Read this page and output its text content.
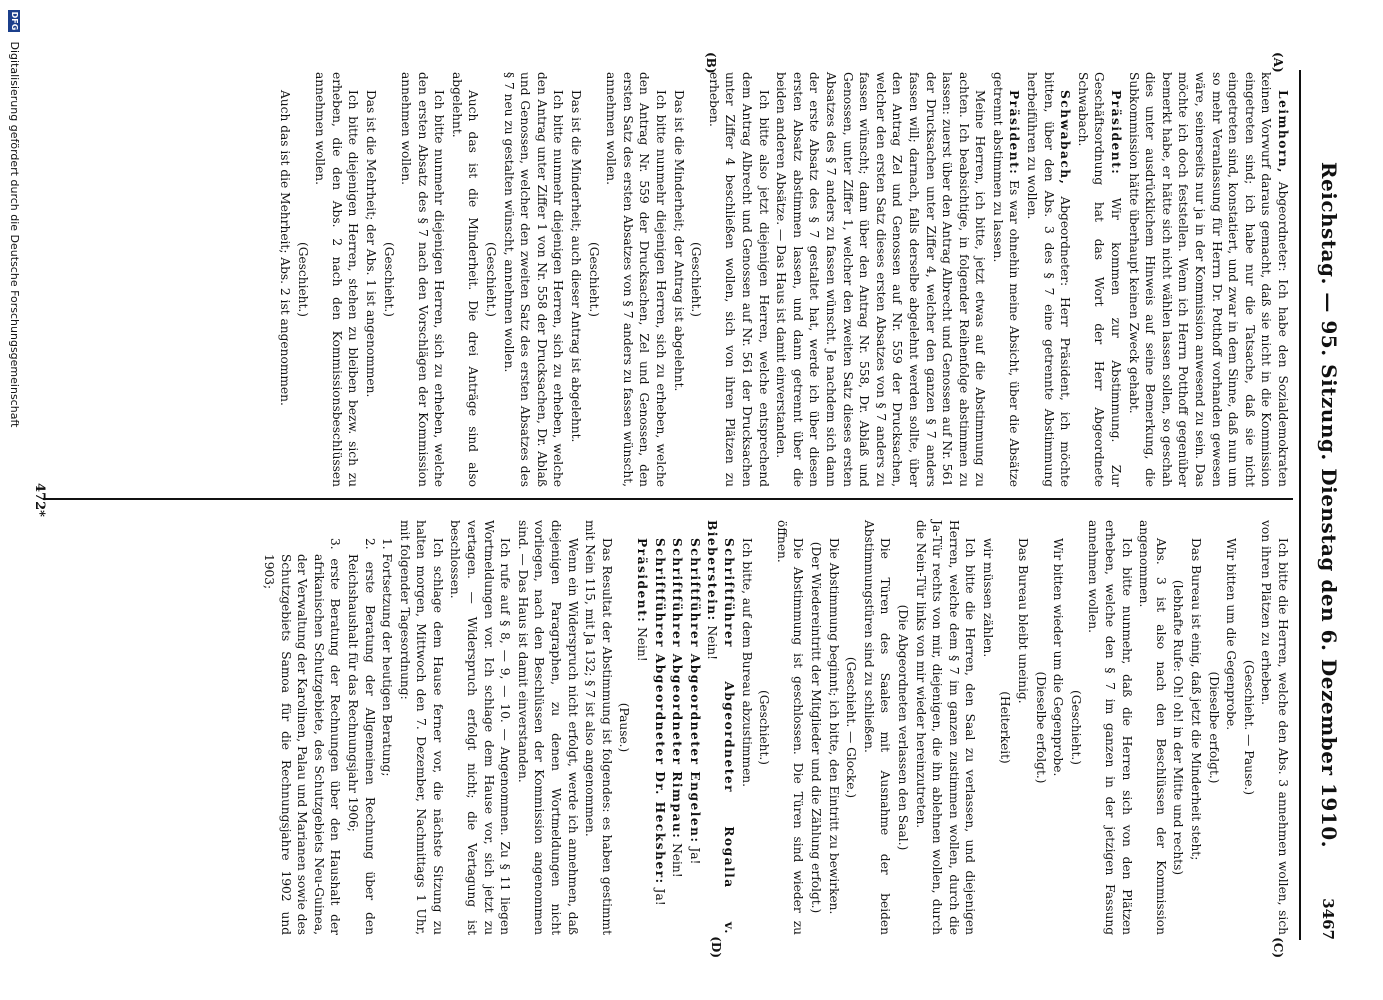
Reichstag. — 95. Sitzung. Dienstag den 6. Dezember 1910.
3467
(A)
(B)
(C)
(D)

Leimhorn, Abgeordneter: Ich habe den Sozialdemokraten keinen Vorwurf daraus gemacht, daß sie nicht in die Kommission eingetreten sind; ich habe nur die Tatsache, daß sie nicht eingetreten sind, konstatiert, und zwar in dem Sinne, daß nun um so mehr Veranlassung für Herrn Dr. Potthoff vorhanden gewesen wäre, seinerseits nur ja in der Kommission anwesend zu sein. Das möchte ich doch feststellen. Wenn ich Herrn Potthoff gegenüber bemerkt habe, er hätte sich nicht wählen lassen sollen, so geschah dies unter ausdrücklichem Hinweis auf seine Bemerkung, die Subkommission hätte überhaupt keinen Zweck gehabt.

Präsident: Wir kommen zur Abstimmung. Zur Geschäftsordnung hat das Wort der Herr Abgeordnete Schwabach.

Schwabach, Abgeordneter: Herr Präsident, ich möchte bitten, über den Abs. 3 des § 7 eine getrennte Abstimmung herbeiführen zu wollen.

Präsident: Es war ohnehin meine Absicht, über die Absätze getrennt abstimmen zu lassen.

Meine Herren, ich bitte, jetzt etwas auf die Abstimmung zu achten. Ich beabsichtige, in folgender Reihenfolge abstimmen zu lassen: zuerst über den Antrag Albrecht und Genossen auf Nr. 561 der Drucksachen unter Ziffer 4, welcher den ganzen § 7 anders fassen will; darnach, falls derselbe abgelehnt werden sollte, über den Antrag Zel und Genossen auf Nr. 559 der Drucksachen, welcher den ersten Satz dieses ersten Absatzes von § 7 anders zu fassen wünscht; dann über den Antrag Nr. 558, Dr. Ablaß und Genossen, unter Ziffer 1, welcher den zweiten Satz dieses ersten Absatzes des § 7 anders zu fassen wünscht. Je nachdem sich dann der erste Absatz des § 7 gestaltet hat, werde ich über diesen ersten Absatz abstimmen lassen, und dann getrennt über die beiden anderen Absätze. — Das Haus ist damit einverstanden.

Ich bitte also jetzt diejenigen Herren, welche entsprechend dem Antrag Albrecht und Genossen auf Nr. 561 der Drucksachen unter Ziffer 4 beschließen wollen, sich von ihren Plätzen zu erheben.

(Geschieht.)

Das ist die Minderheit; der Antrag ist abgelehnt.

Ich bitte nunmehr diejenigen Herren, sich zu erheben, welche den Antrag Nr. 559 der Drucksachen, Zel und Genossen, den ersten Satz des ersten Absatzes von § 7 anders zu fassen wünscht, annehmen wollen.

(Geschieht.)

Das ist die Minderheit; auch dieser Antrag ist abgelehnt.

Ich bitte nunmehr diejenigen Herren, sich zu erheben, welche den Antrag unter Ziffer 1 von Nr. 558 der Drucksachen, Dr. Ablaß und Genossen, welcher den zweiten Satz des ersten Absatzes des § 7 neu zu gestalten wünscht, annehmen wollen.

(Geschieht.)

Auch das ist die Minderheit. Die drei Anträge sind also abgelehnt.

Ich bitte nunmehr diejenigen Herren, sich zu erheben, welche den ersten Absatz des § 7 nach den Vorschlägen der Kommission annehmen wollen.

(Geschieht.)

Das ist die Mehrheit; der Abs. 1 ist angenommen.

Ich bitte diejenigen Herren, stehen zu bleiben bezw. sich zu erheben, die den Abs. 2 nach den Kommissionsbeschlüssen annehmen wollen.

(Geschieht.)

Auch das ist die Mehrheit; Abs. 2 ist angenommen.

Ich bitte die Herren, welche den Abs. 3 annehmen wollen, sich von ihren Plätzen zu erheben.

(Geschieht. — Pause.)

Wir bitten um die Gegenprobe.

(Dieselbe erfolgt.)

Das Bureau ist einig, daß jetzt die Minderheit steht;

(lebhafte Rufe: Oh! oh! in der Mitte und rechts)

Abs. 3 ist also nach den Beschlüssen der Kommission angenommen.

Ich bitte nunmehr, daß die Herren sich von den Plätzen erheben, welche den § 7 im ganzen in der jetzigen Fassung annehmen wollen.

(Geschieht.)

Wir bitten wieder um die Gegenprobe.

(Dieselbe erfolgt.)

Das Bureau bleibt uneinig.

(Heiterkeit)

wir müssen zählen.

Ich bitte die Herren, den Saal zu verlassen, und diejenigen Herren, welche dem § 7 im ganzen zustimmen wollen, durch die Ja-Tür rechts von mir, diejenigen, die ihn ablehnen wollen, durch die Nein-Tür links von mir wieder hereinzutreten.

(Die Abgeordneten verlassen den Saal.)

Die Türen des Saales mit Ausnahme der beiden Abstimmungstüren sind zu schließen.

(Geschieht. — Glocke.)

Die Abstimmung beginnt; ich bitte, den Eintritt zu bewirken.

(Der Wiedereintritt der Mitglieder und die Zählung erfolgt.)

Die Abstimmung ist geschlossen. Die Türen sind wieder zu öffnen.

(Geschieht.)

Ich bitte, auf dem Bureau abzustimmen.

Schriftführer Abgeordneter Rogalla v. Bieberstein: Nein!

Schriftführer Abgeordneter Engelen: Ja!

Schriftführer Abgeordneter Rimpau: Nein!

Schriftführer Abgeordneter Dr. Hecksher: Ja!

Präsident: Nein!

(Pause.)

Das Resultat der Abstimmung ist folgendes: es haben gestimmt mit Nein 115, mit Ja 132; § 7 ist also angenommen.

Wenn ein Widerspruch nicht erfolgt, werde ich annehmen, daß diejenigen Paragraphen, zu denen Wortmeldungen nicht vorliegen, nach den Beschlüssen der Kommission angenommen sind. — Das Haus ist damit einverstanden.

Ich rufe auf § 8, — 9, — 10. — Angenommen. Zu § 11 liegen Wortmeldungen vor. Ich schlage dem Hause vor, sich jetzt zu vertagen. — Widerspruch erfolgt nicht; die Vertagung ist beschlossen.

Ich schlage dem Hause ferner vor, die nächste Sitzung zu halten morgen, Mittwoch den 7. Dezember, Nachmittags 1 Uhr, mit folgender Tagesordnung:

1. Fortsetzung der heutigen Beratung;

2. erste Beratung der Allgemeinen Rechnung über den Reichshaushalt für das Rechnungsjahr 1906;

3. erste Beratung der Rechnungen über den Haushalt der afrikanischen Schutzgebiete, des Schutzgebiets Neu-Guinea, der Verwaltung der Karolinen, Palau und Marianen sowie des Schutzgebiets Samoa für die Rechnungsjahre 1902 und 1903;

472*
DFG Digitalisierung gefördert durch die Deutsche Forschungsgemeinschaft
